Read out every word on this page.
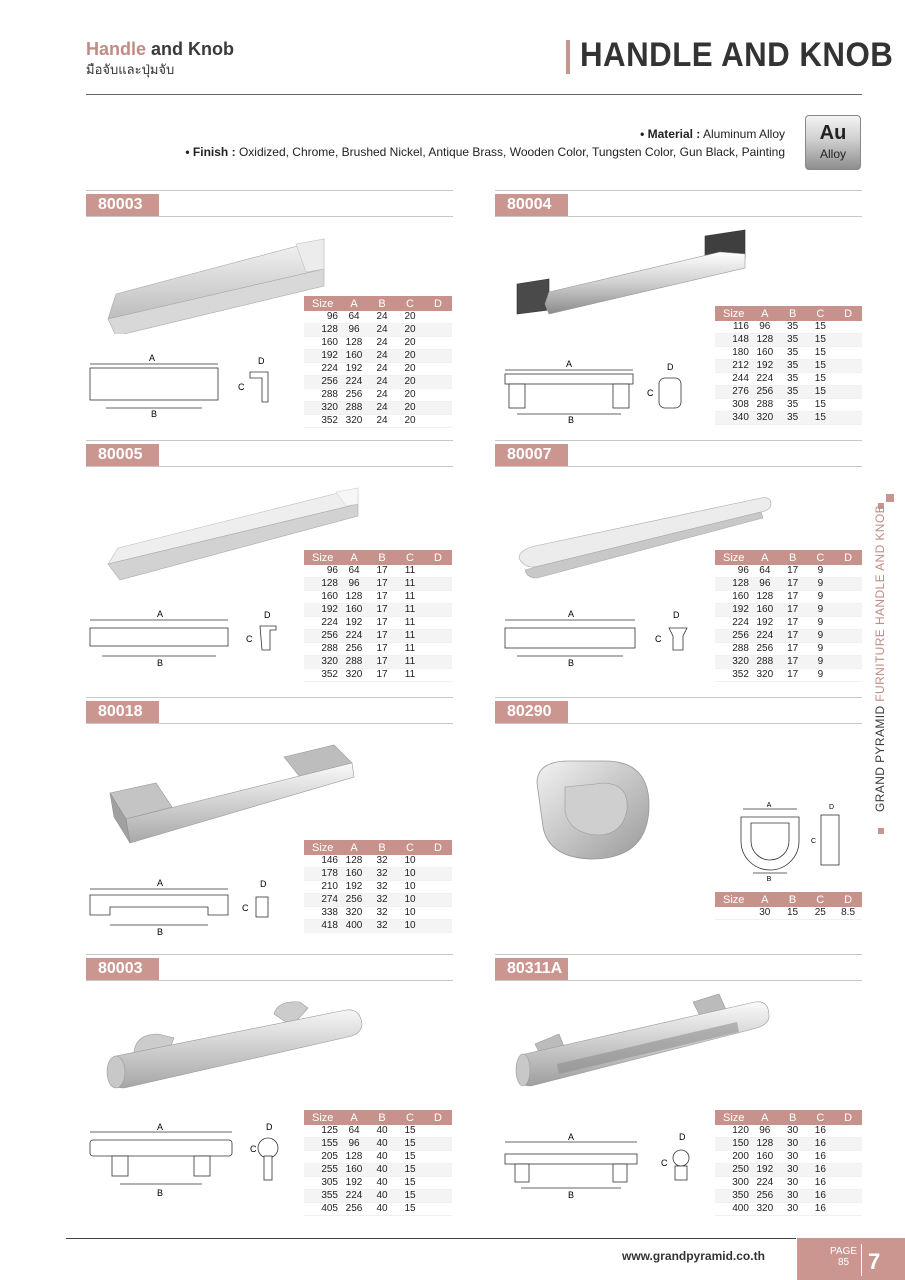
Handle and Knob
มือจับและปุ่มจับ	HANDLE AND KNOB
• Material : Aluminum Alloy
• Finish : Oxidized, Chrome, Brushed Nickel, Antique Brass, Wooden Color, Tungsten Color, Gun Black, Painting
Au
Alloy
80003
A
B
C
D
Size	A	B	C	D
96	64	24	20	
128	96	24	20	
160	128	24	20	
192	160	24	20	
224	192	24	20	
256	224	24	20	
288	256	24	20	
320	288	24	20	
352	320	24	20	
80004
A
B
C
D
Size	A	B	C	D
116	96	35	15	
148	128	35	15	
180	160	35	15	
212	192	35	15	
244	224	35	15	
276	256	35	15	
308	288	35	15	
340	320	35	15	
80005
A
B
C
D
Size	A	B	C	D
96	64	17	11	
128	96	17	11	
160	128	17	11	
192	160	17	11	
224	192	17	11	
256	224	17	11	
288	256	17	11	
320	288	17	11	
352	320	17	11	
80007
A
B
C
D
Size	A	B	C	D
96	64	17	9	
128	96	17	9	
160	128	17	9	
192	160	17	9	
224	192	17	9	
256	224	17	9	
288	256	17	9	
320	288	17	9	
352	320	17	9	
80018
A
B
C
D
Size	A	B	C	D
146	128	32	10	
178	160	32	10	
210	192	32	10	
274	256	32	10	
338	320	32	10	
418	400	32	10	
80290
A
B
C
D
Size	A	B	C	D
	30	15	25	8.5
80003
A
B
C
D
Size	A	B	C	D
125	64	40	15	
155	96	40	15	
205	128	40	15	
255	160	40	15	
305	192	40	15	
355	224	40	15	
405	256	40	15	
80311A
A
B
C
D
Size	A	B	C	D
120	96	30	16	
150	128	30	16	
200	160	30	16	
250	192	30	16	
300	224	30	16	
350	256	30	16	
400	320	30	16	
GRAND PYRAMID FURNITURE HANDLE AND KNOB
www.grandpyramid.co.th	PAGE
85 7
